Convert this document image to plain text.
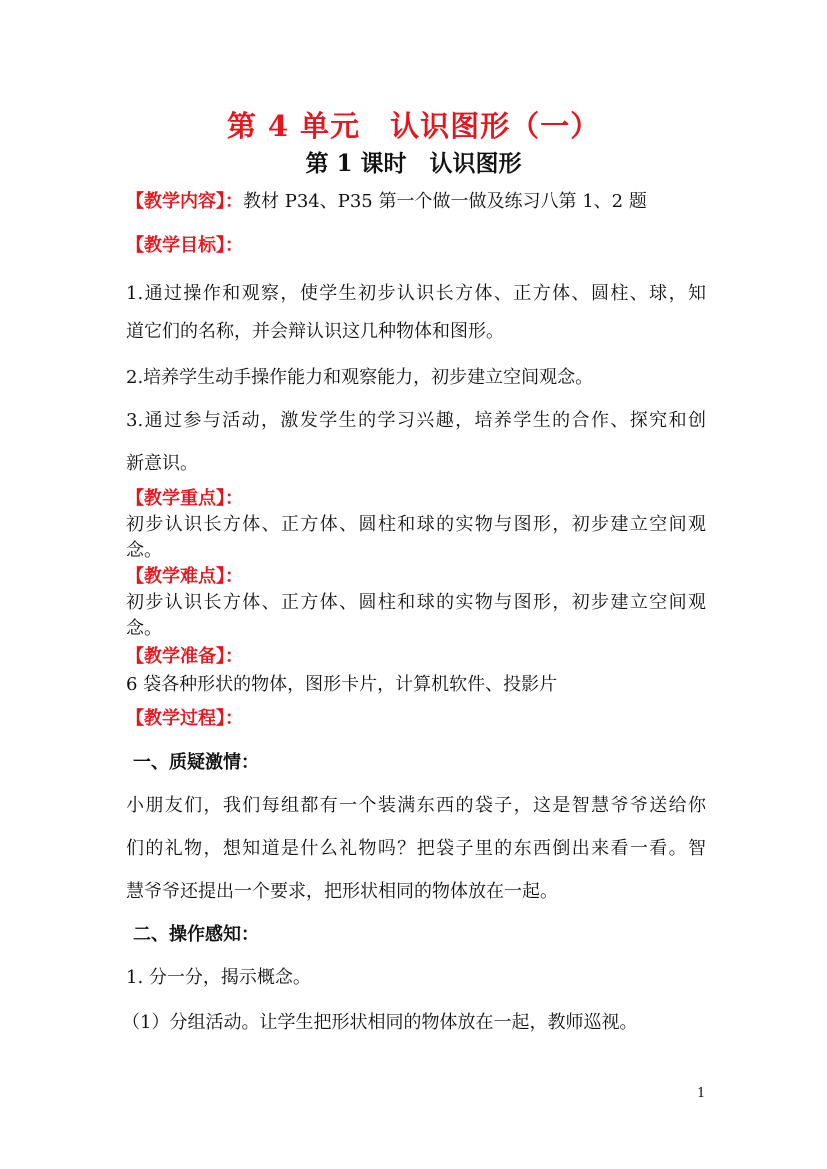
第 4 单元　认识图形（一）
第 1 课时　认识图形
【教学内容】：教材 P34、P35 第一个做一做及练习八第 1、2 题
【教学目标】：
1.通过操作和观察，使学生初步认识长方体、正方体、圆柱、球，知
道它们的名称，并会辩认识这几种物体和图形。
2.培养学生动手操作能力和观察能力，初步建立空间观念。
3.通过参与活动，激发学生的学习兴趣，培养学生的合作、探究和创
新意识。
【教学重点】：
初步认识长方体、正方体、圆柱和球的实物与图形，初步建立空间观
念。
【教学难点】：
初步认识长方体、正方体、圆柱和球的实物与图形，初步建立空间观
念。
【教学准备】：
6 袋各种形状的物体，图形卡片，计算机软件、投影片
【教学过程】：
一、质疑激情：
小朋友们，我们每组都有一个装满东西的袋子，这是智慧爷爷送给你
们的礼物，想知道是什么礼物吗？把袋子里的东西倒出来看一看。智
慧爷爷还提出一个要求，把形状相同的物体放在一起。
二、操作感知：
1. 分一分，揭示概念。
（1）分组活动。让学生把形状相同的物体放在一起，教师巡视。
1
